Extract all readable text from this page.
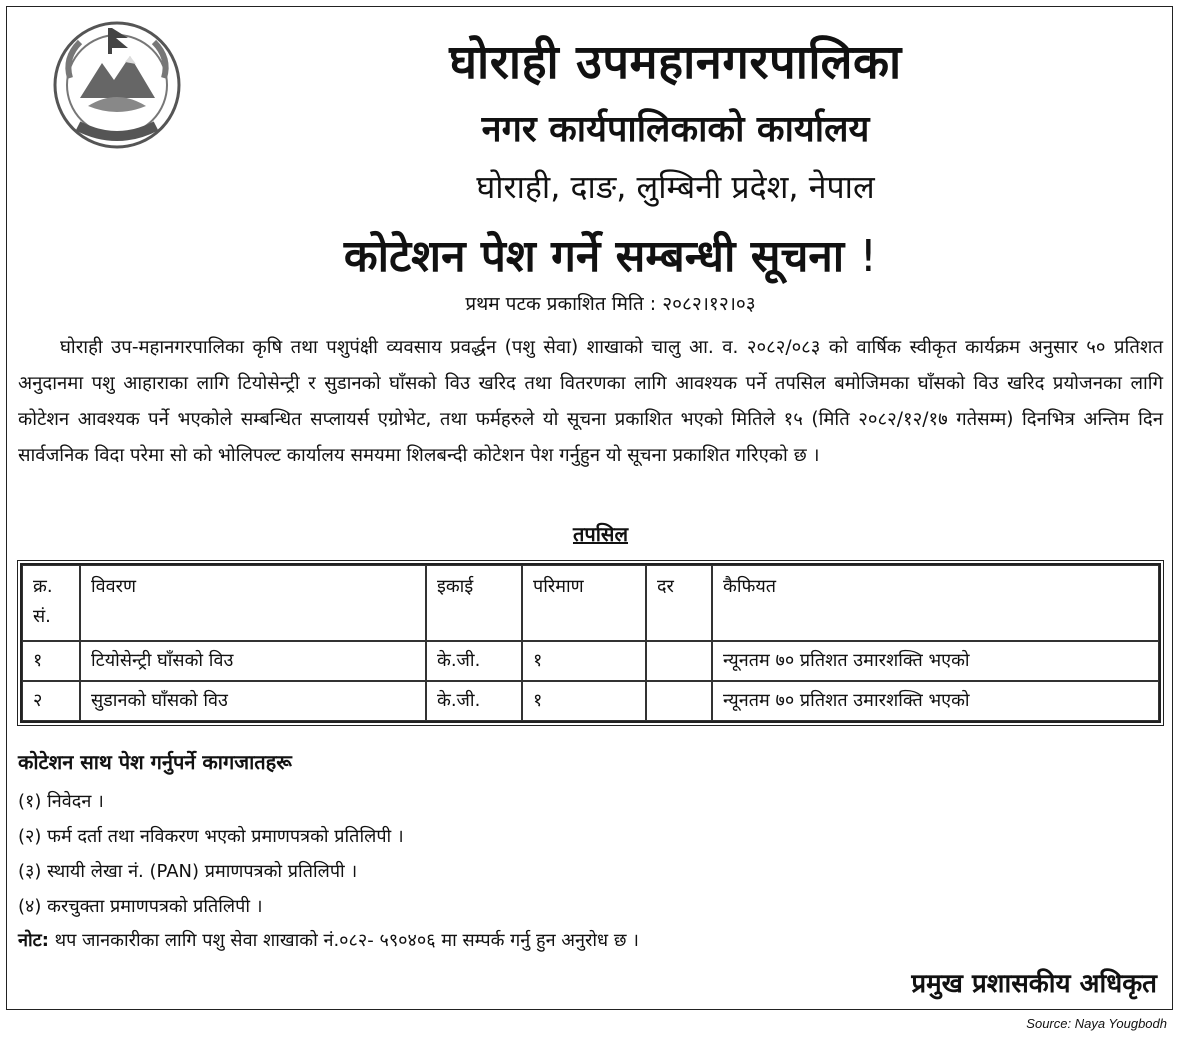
घोराही उपमहानगरपालिका
नगर कार्यपालिकाको कार्यालय
घोराही, दाङ, लुम्बिनी प्रदेश, नेपाल
कोटेशन पेश गर्ने सम्बन्धी सूचना !
प्रथम पटक प्रकाशित मिति : २०८२।१२।०३

घोराही उप-महानगरपालिका कृषि तथा पशुपंक्षी व्यवसाय प्रवर्द्धन (पशु सेवा) शाखाको चालु आ. व. २०८२/०८३ को वार्षिक स्वीकृत कार्यक्रम अनुसार ५० प्रतिशत अनुदानमा पशु आहाराका लागि टियोसेन्ट्री र सुडानको घाँसको विउ खरिद तथा वितरणका लागि आवश्यक पर्ने तपसिल बमोजिमका घाँसको विउ खरिद प्रयोजनका लागि कोटेशन आवश्यक पर्ने भएकोले सम्बन्धित सप्लायर्स एग्रोभेट, तथा फर्महरुले यो सूचना प्रकाशित भएको मितिले १५ (मिति २०८२/१२/१७ गतेसम्म) दिनभित्र अन्तिम दिन सार्वजनिक विदा परेमा सो को भोलिपल्ट कार्यालय समयमा शिलबन्दी कोटेशन पेश गर्नुहुन यो सूचना प्रकाशित गरिएको छ ।

तपसिल
क्र. सं.	विवरण	इकाई	परिमाण	दर	कैफियत
१	टियोसेन्ट्री घाँसको विउ	के.जी.	१		न्यूनतम ७० प्रतिशत उमारशक्ति भएको
२	सुडानको घाँसको विउ	के.जी.	१		न्यूनतम ७० प्रतिशत उमारशक्ति भएको
कोटेशन साथ पेश गर्नुपर्ने कागजातहरू
(१) निवेदन ।
(२) फर्म दर्ता तथा नविकरण भएको प्रमाणपत्रको प्रतिलिपी ।
(३) स्थायी लेखा नं. (PAN) प्रमाणपत्रको प्रतिलिपी ।
(४) करचुक्ता प्रमाणपत्रको प्रतिलिपी ।
नोट: थप जानकारीका लागि पशु सेवा शाखाको नं.०८२- ५९०४०६ मा सम्पर्क गर्नु हुन अनुरोध छ ।
प्रमुख प्रशासकीय अधिकृत
Source: Naya Yougbodh
